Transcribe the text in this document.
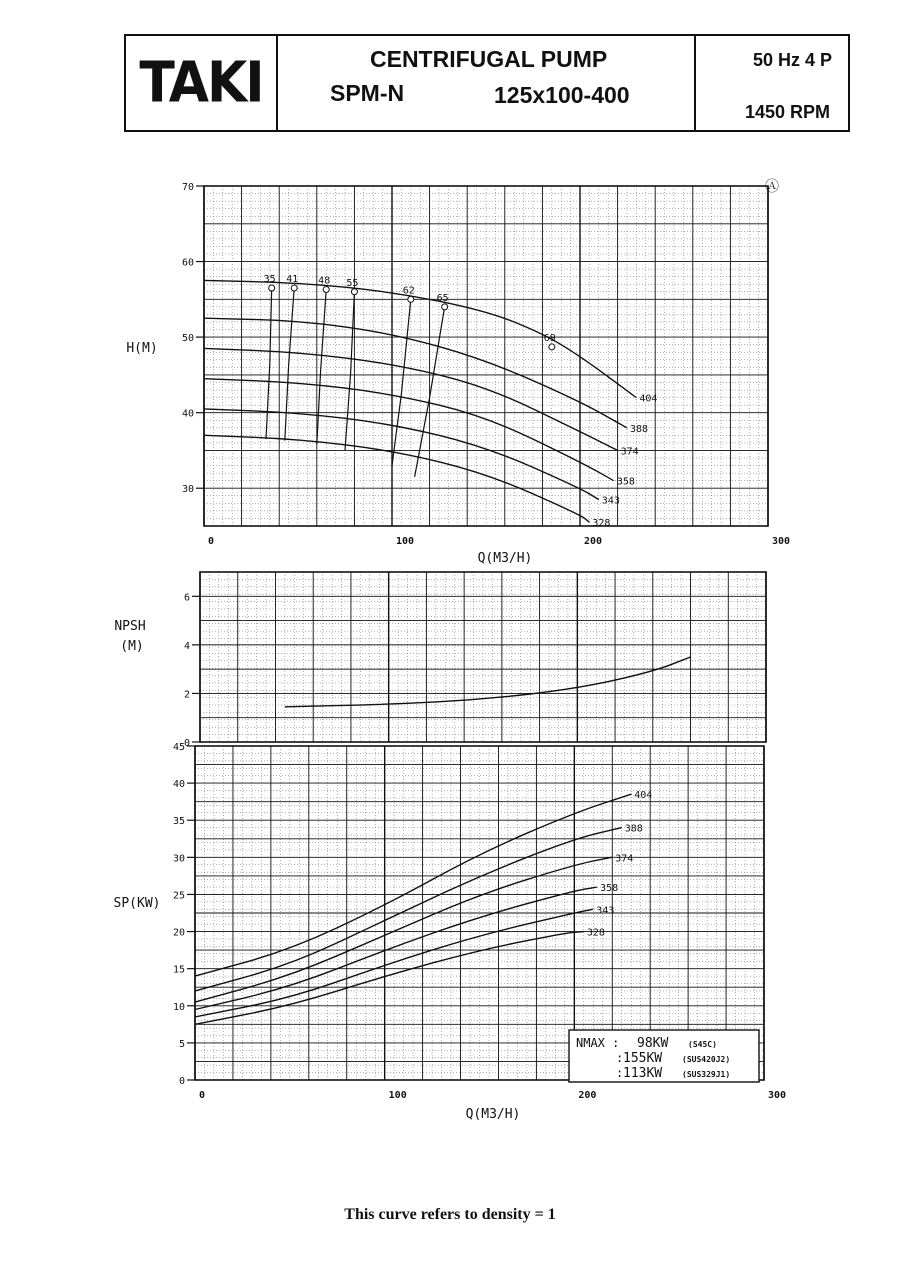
TAKI	CENTRIFUGAL PUMP
SPM-N	125x100-400
50 Hz 4 P
1450 RPM
30
40
50
60
70
0	100	200	300
404
388
374
358
343
328
35 41 48 55
62
65
69
0
2
4
6
0
5
10
15
20
25
30
35
40
45
0	100	200	300
404
388
374
358
343
328
Ⓐ
H(M)
Q(M3/H)
NPSH
(M)
SP(KW)
Q(M3/H)
NMAX : 98KW (S45C)
: 155KW (SUS420J2)
: 113KW (SUS329J1)
This curve refers to density = 1
